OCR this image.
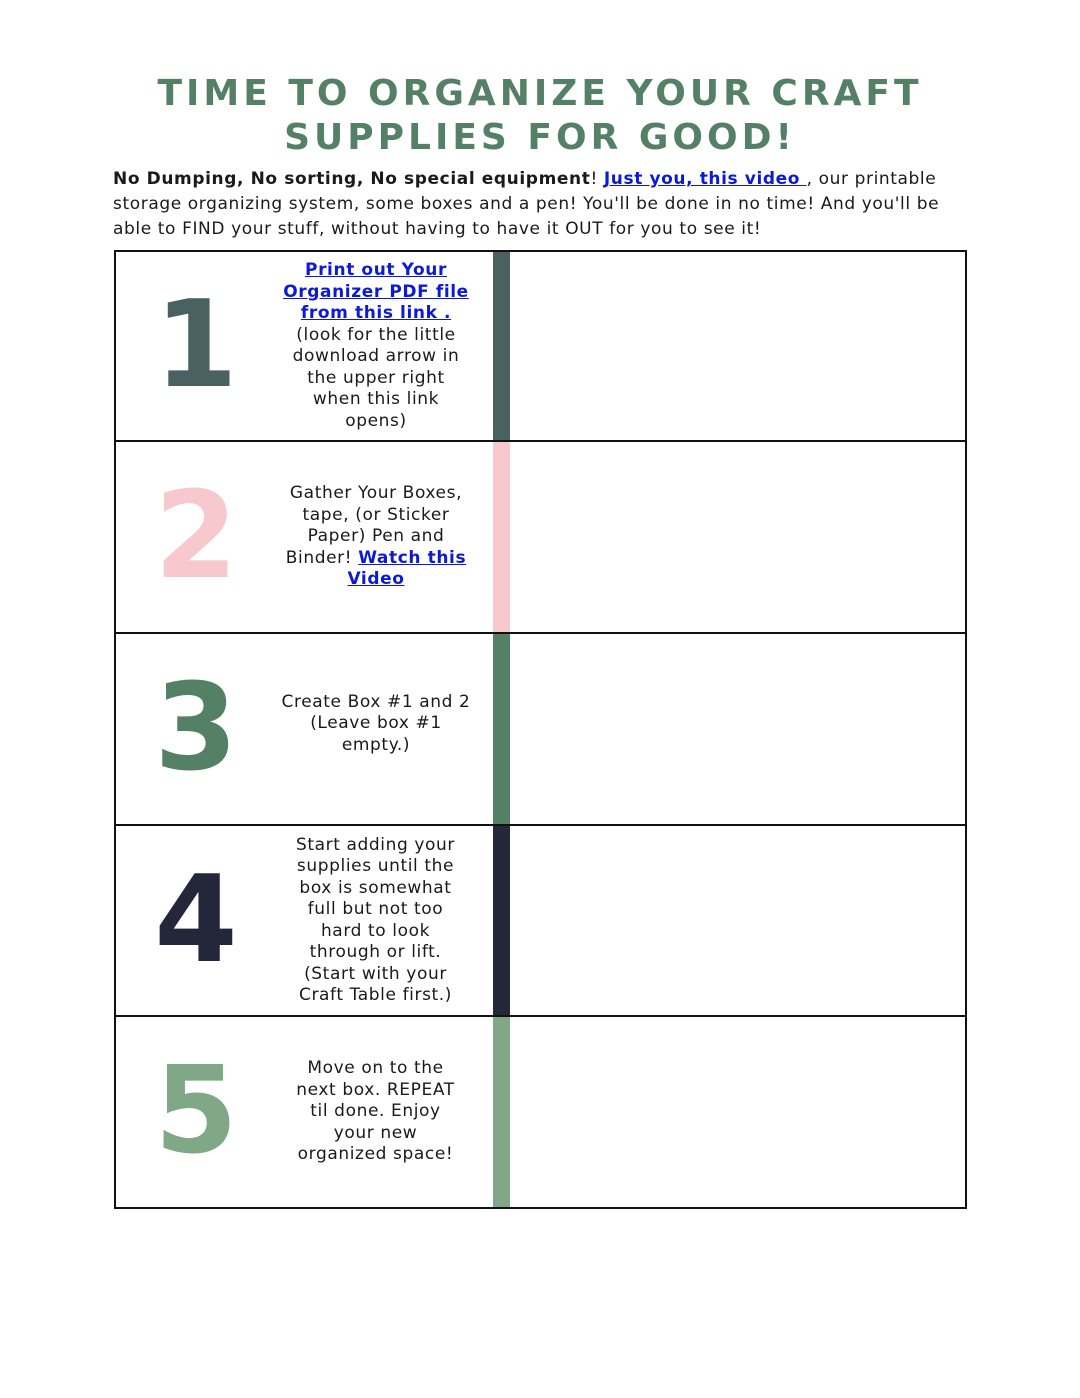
TIME TO ORGANIZE YOUR CRAFT
SUPPLIES FOR GOOD!

No Dumping, No sorting, No special equipment! Just you, this video , our printable storage organizing system, some boxes and a pen! You'll be done in no time! And you'll be able to FIND your stuff, without having to have it OUT for you to see it!

1
Print out Your Organizer PDF file from this link . (look for the little download arrow in the upper right when this link opens)	

2 Gather Your Boxes, tape, (or Sticker Paper) Pen and Binder! Watch this Video	

3 Create Box #1 and 2 (Leave box #1 empty.)	

4
Start adding your supplies until the box is somewhat full but not too hard to look through or lift. (Start with your Craft Table first.)	

5 Move on to the next box. REPEAT til done. Enjoy your new organized space!	
